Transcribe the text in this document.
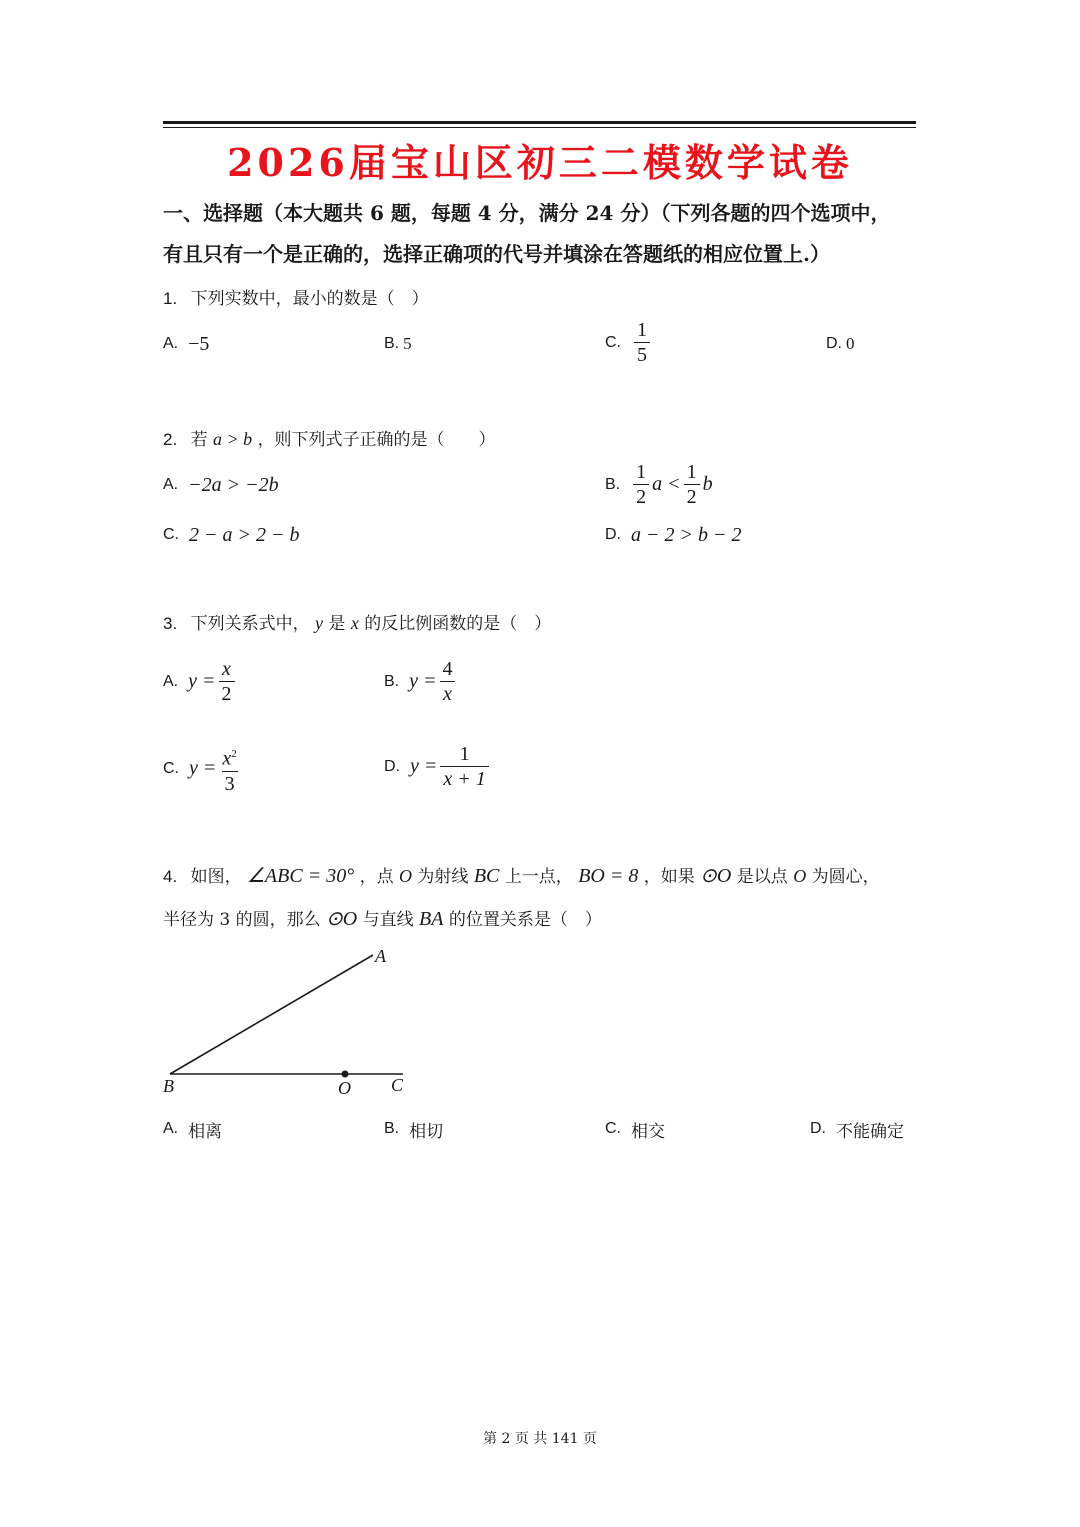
2026届宝山区初三二模数学试卷
一、选择题（本大题共 6 题，每题 4 分，满分 24 分）（下列各题的四个选项中，
有且只有一个是正确的，选择正确项的代号并填涂在答题纸的相应位置上.）
1. 下列实数中，最小的数是（　）
A. −5	B. 5	C. $\frac{1}{5}$	D. 0
2. 若 a > b ，则下列式子正确的是（　　）
A. −2a > −2b	B. $\frac{1}{2}$ $a < \frac{1}{2}$ b
C. 2 − a > 2 − b	D. a − 2 > b − 2
3. 下列关系式中， y 是 x 的反比例函数的是（　）
A. $y = \frac{x}{2}$	B. $y = \frac{4}{x}$
C. $y = \frac{x^2}{3}$	D. $y = \frac{1}{x + 1}$
4. 如图， ∠ABC = 30° ，点 O 为射线 BC 上一点， BO = 8 ，如果 ⊙O 是以点 O 为圆心，
半径为 3 的圆，那么 ⊙O 与直线 BA 的位置关系是（　）
A
B	O C
A. 相离	B. 相切	C. 相交	D. 不能确定
第 2 页 共 141 页
